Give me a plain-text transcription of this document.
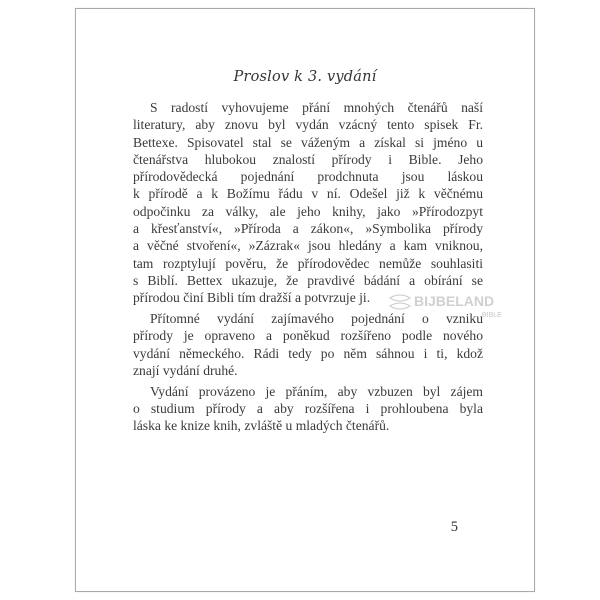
Proslov k 3. vydání

S radostí vyhovujeme přání mnohých čtenářů naší
literatury, aby znovu byl vydán vzácný tento spisek Fr.
Bettexe. Spisovatel stal se váženým a získal si jméno u
čtenářstva hlubokou znalostí přírody i Bible. Jeho
přírodovědecká pojednání prodchnuta jsou láskou
k přírodě a k Božímu řádu v ní. Odešel již k věčnému
odpočinku za války, ale jeho knihy, jako »Přírodozpyt
a křesťanství«, »Příroda a zákon«, »Symbolika přírody
a věčné stvoření«, »Zázrak« jsou hledány a kam vniknou,
tam rozptylují pověru, že přírodovědec nemůže souhlasiti
s Biblí. Bettex ukazuje, že pravdivé bádání a obírání se
přírodou činí Bibli tím dražší a potvrzuje ji.

Přítomné vydání zajímavého pojednání o vzniku
přírody je opraveno a poněkud rozšířeno podle nového
vydání německého. Rádi tedy po něm sáhnou i ti, kdož
znají vydání druhé.

Vydání provázeno je přáním, aby vzbuzen byl zájem
o studium přírody a aby rozšířena i prohloubena byla
láska ke knize knih, zvláště u mladých čtenářů.

5
BIJBELAND
BIBLE
